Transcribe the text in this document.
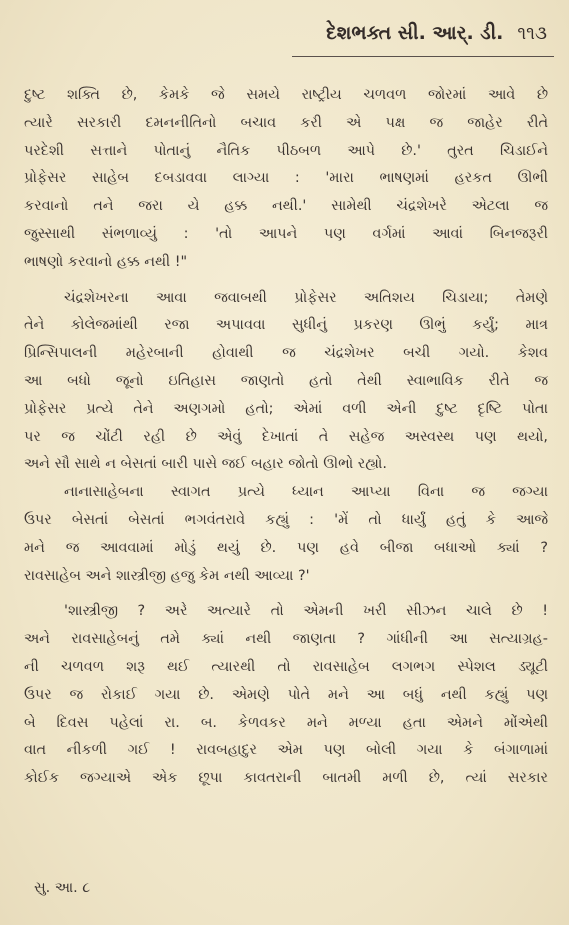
દેશભક્ત સી. આર્. ડી. ૧૧૩
દુષ્ટ શક્તિ છે, કેમકે જે સમયે રાષ્ટ્રીય ચળવળ જોરમાં આવે છે
ત્યારે સરકારી દમનનીતિનો બચાવ કરી એ પક્ષ જ જાહેર રીતે
પરદેશી સત્તાને પોતાનું નૈતિક પીઠબળ આપે છે.' તુરત ચિડાઈને
પ્રોફેસર સાહેબ દબડાવવા લાગ્યા : 'મારા ભાષણમાં હરકત ઊભી
કરવાનો તને જરા યે હક્ક નથી.' સામેથી ચંદ્રશેખરે એટલા જ
જુસ્સાથી સંભળાવ્યું : 'તો આપને પણ વર્ગમાં આવાં બિનજરૂરી
ભાષણો કરવાનો હક્ક નથી !"
ચંદ્રશેખરના આવા જવાબથી પ્રોફેસર અતિશય ચિડાયા; તેમણે
તેને કોલેજમાંથી રજા અપાવવા સુધીનું પ્રકરણ ઊભું કર્યું; માત્ર
પ્રિન્સિપાલની મહેરબાની હોવાથી જ ચંદ્રશેખર બચી ગયો. કેશવ
આ બધો જૂનો ઇતિહાસ જાણતો હતો તેથી સ્વાભાવિક રીતે જ
પ્રોફેસર પ્રત્યે તેને અણગમો હતો; એમાં વળી એની દુષ્ટ દૃષ્ટિ પોતા
પર જ ચોંટી રહી છે એવું દેખાતાં તે સહેજ અસ્વસ્થ પણ થયો,
અને સૌ સાથે ન બેસતાં બારી પાસે જઈ બહાર જોતો ઊભો રહ્યો.
નાનાસાહેબના સ્વાગત પ્રત્યે ધ્યાન આપ્યા વિના જ જગ્યા
ઉપર બેસતાં બેસતાં ભગવંતરાવે કહ્યું : 'મેં તો ધાર્યું હતું કે આજે
મને જ આવવામાં મોડું થયું છે. પણ હવે બીજા બધાઓ ક્યાં ?
રાવસાહેબ અને શાસ્ત્રીજી હજુ કેમ નથી આવ્યા ?'
'શાસ્ત્રીજી ? અરે અત્યારે તો એમની ખરી સીઝન ચાલે છે !
અને રાવસાહેબનું તમે ક્યાં નથી જાણતા ? ગાંધીની આ સત્યાગ્રહ-
ની ચળવળ શરૂ થઈ ત્યારથી તો રાવસાહેબ લગભગ સ્પેશલ ડ્યૂટી
ઉપર જ રોકાઈ ગયા છે. એમણે પોતે મને આ બધું નથી કહ્યું પણ
બે દિવસ પહેલાં રા. બ. કેળવકર મને મળ્યા હતા એમને મોંએથી
વાત નીકળી ગઈ ! રાવબહાદુર એમ પણ બોલી ગયા કે બંગાળામાં
કોઈક જગ્યાએ એક છૂપા કાવતરાની બાતમી મળી છે, ત્યાં સરકાર
સુ. આ. ૮
